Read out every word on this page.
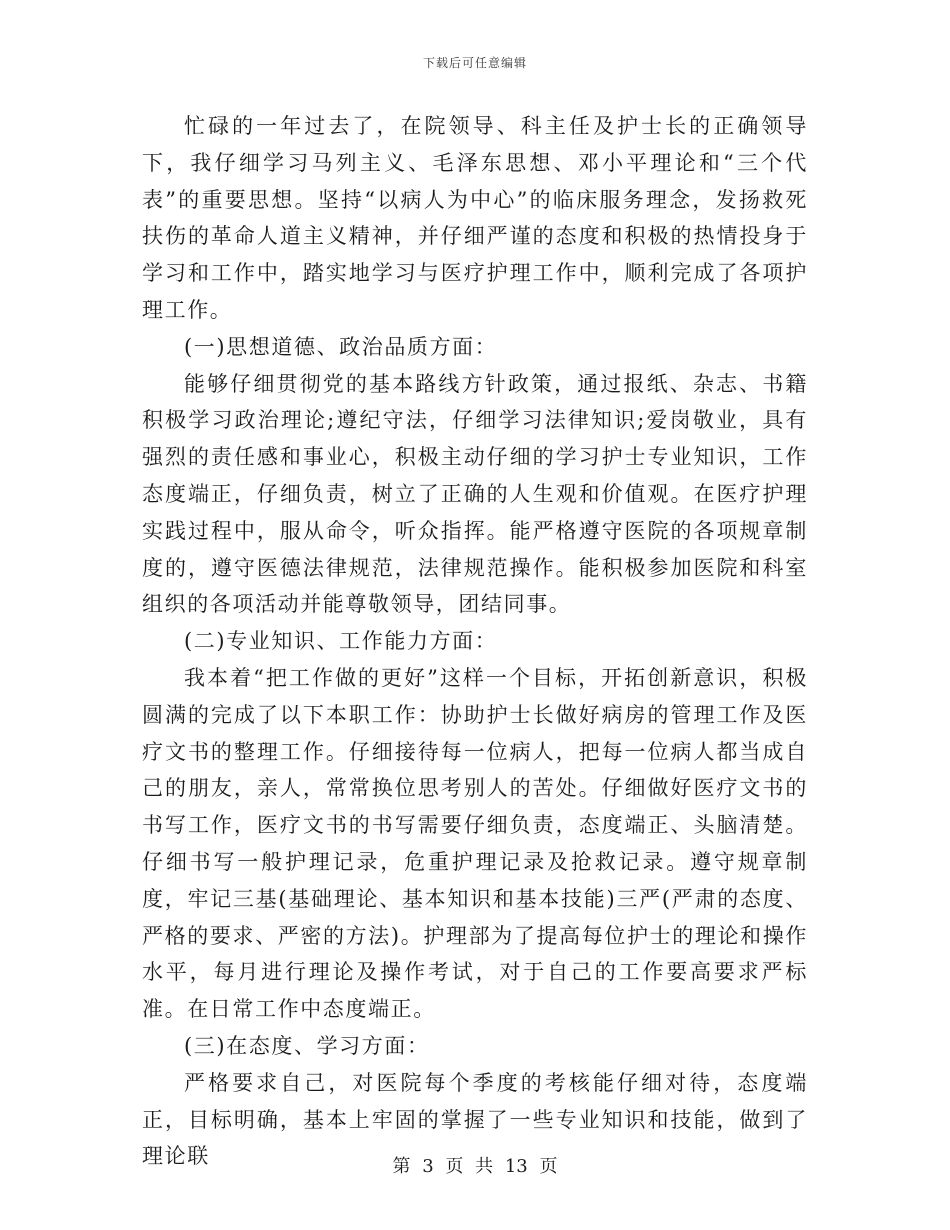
下载后可任意编辑

忙碌的一年过去了，在院领导、科主任及护士长的正确领导下，我仔细学习马列主义、毛泽东思想、邓小平理论和“三个代表”的重要思想。坚持“以病人为中心”的临床服务理念，发扬救死扶伤的革命人道主义精神，并仔细严谨的态度和积极的热情投身于学习和工作中，踏实地学习与医疗护理工作中，顺利完成了各项护理工作。

(一)思想道德、政治品质方面：

能够仔细贯彻党的基本路线方针政策，通过报纸、杂志、书籍积极学习政治理论;遵纪守法，仔细学习法律知识;爱岗敬业，具有强烈的责任感和事业心，积极主动仔细的学习护士专业知识，工作态度端正，仔细负责，树立了正确的人生观和价值观。在医疗护理实践过程中，服从命令，听众指挥。能严格遵守医院的各项规章制度的，遵守医德法律规范，法律规范操作。能积极参加医院和科室组织的各项活动并能尊敬领导，团结同事。

(二)专业知识、工作能力方面：

我本着“把工作做的更好”这样一个目标，开拓创新意识，积极圆满的完成了以下本职工作：协助护士长做好病房的管理工作及医疗文书的整理工作。仔细接待每一位病人，把每一位病人都当成自己的朋友，亲人，常常换位思考别人的苦处。仔细做好医疗文书的书写工作，医疗文书的书写需要仔细负责，态度端正、头脑清楚。仔细书写一般护理记录，危重护理记录及抢救记录。遵守规章制度，牢记三基(基础理论、基本知识和基本技能)三严(严肃的态度、严格的要求、严密的方法)。护理部为了提高每位护士的理论和操作水平，每月进行理论及操作考试，对于自己的工作要高要求严标准。在日常工作中态度端正。

(三)在态度、学习方面：

严格要求自己，对医院每个季度的考核能仔细对待，态度端正，目标明确，基本上牢固的掌握了一些专业知识和技能，做到了理论联	第 3 页 共 13 页
